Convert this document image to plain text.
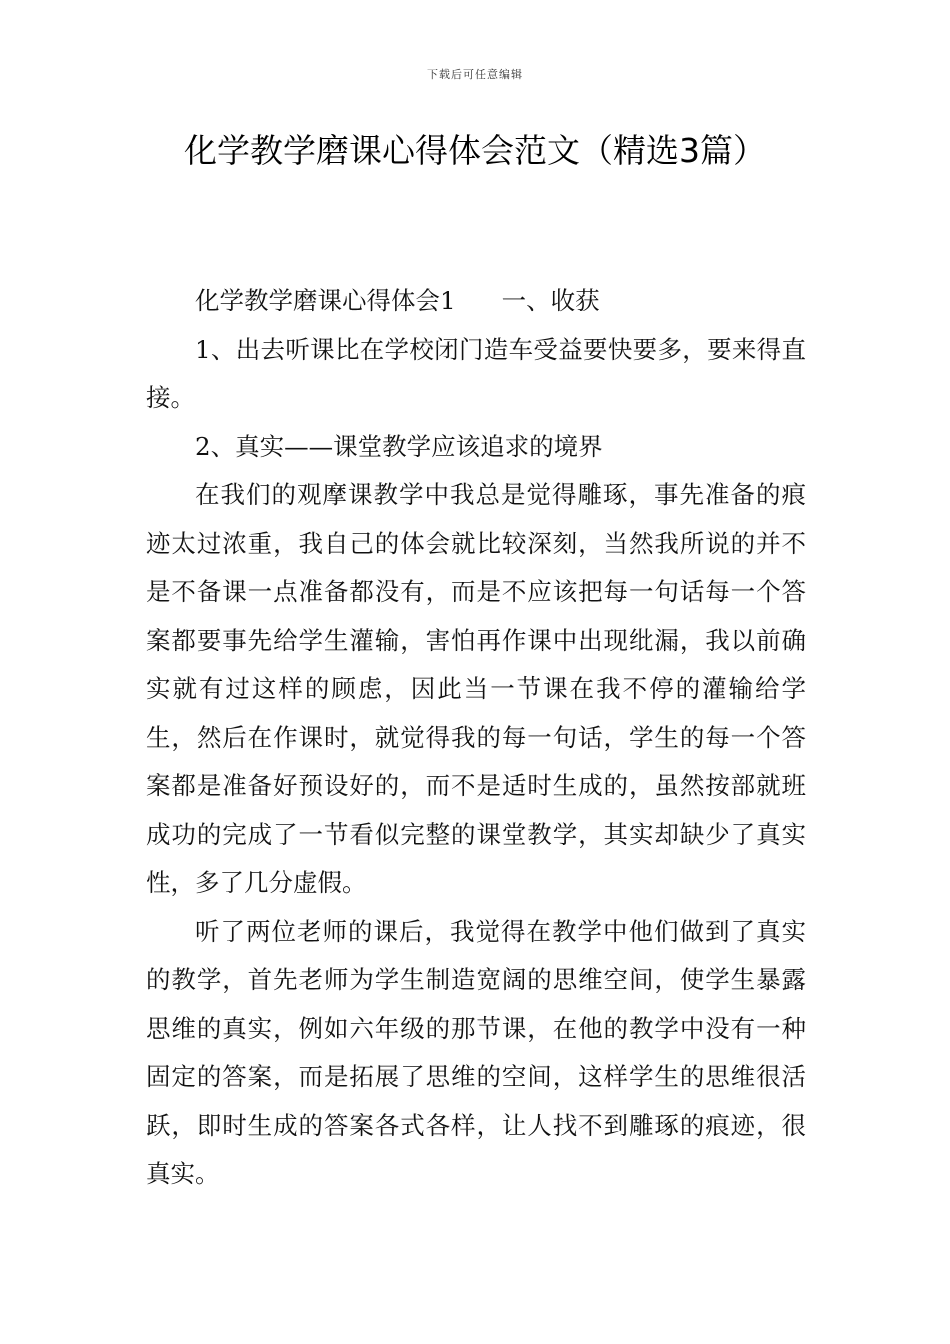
下载后可任意编辑
化学教学磨课心得体会范文（精选3篇）

化学教学磨课心得体会1 一、收获

1、出去听课比在学校闭门造车受益要快要多，要来得直接。

2、真实——课堂教学应该追求的境界

在我们的观摩课教学中我总是觉得雕琢，事先准备的痕迹太过浓重，我自己的体会就比较深刻，当然我所说的并不是不备课一点准备都没有，而是不应该把每一句话每一个答案都要事先给学生灌输，害怕再作课中出现纰漏，我以前确实就有过这样的顾虑，因此当一节课在我不停的灌输给学生，然后在作课时，就觉得我的每一句话，学生的每一个答案都是准备好预设好的，而不是适时生成的，虽然按部就班成功的完成了一节看似完整的课堂教学，其实却缺少了真实性，多了几分虚假。

听了两位老师的课后，我觉得在教学中他们做到了真实的教学，首先老师为学生制造宽阔的思维空间，使学生暴露思维的真实，例如六年级的那节课，在他的教学中没有一种固定的答案，而是拓展了思维的空间，这样学生的思维很活跃，即时生成的答案各式各样，让人找不到雕琢的痕迹，很真实。
